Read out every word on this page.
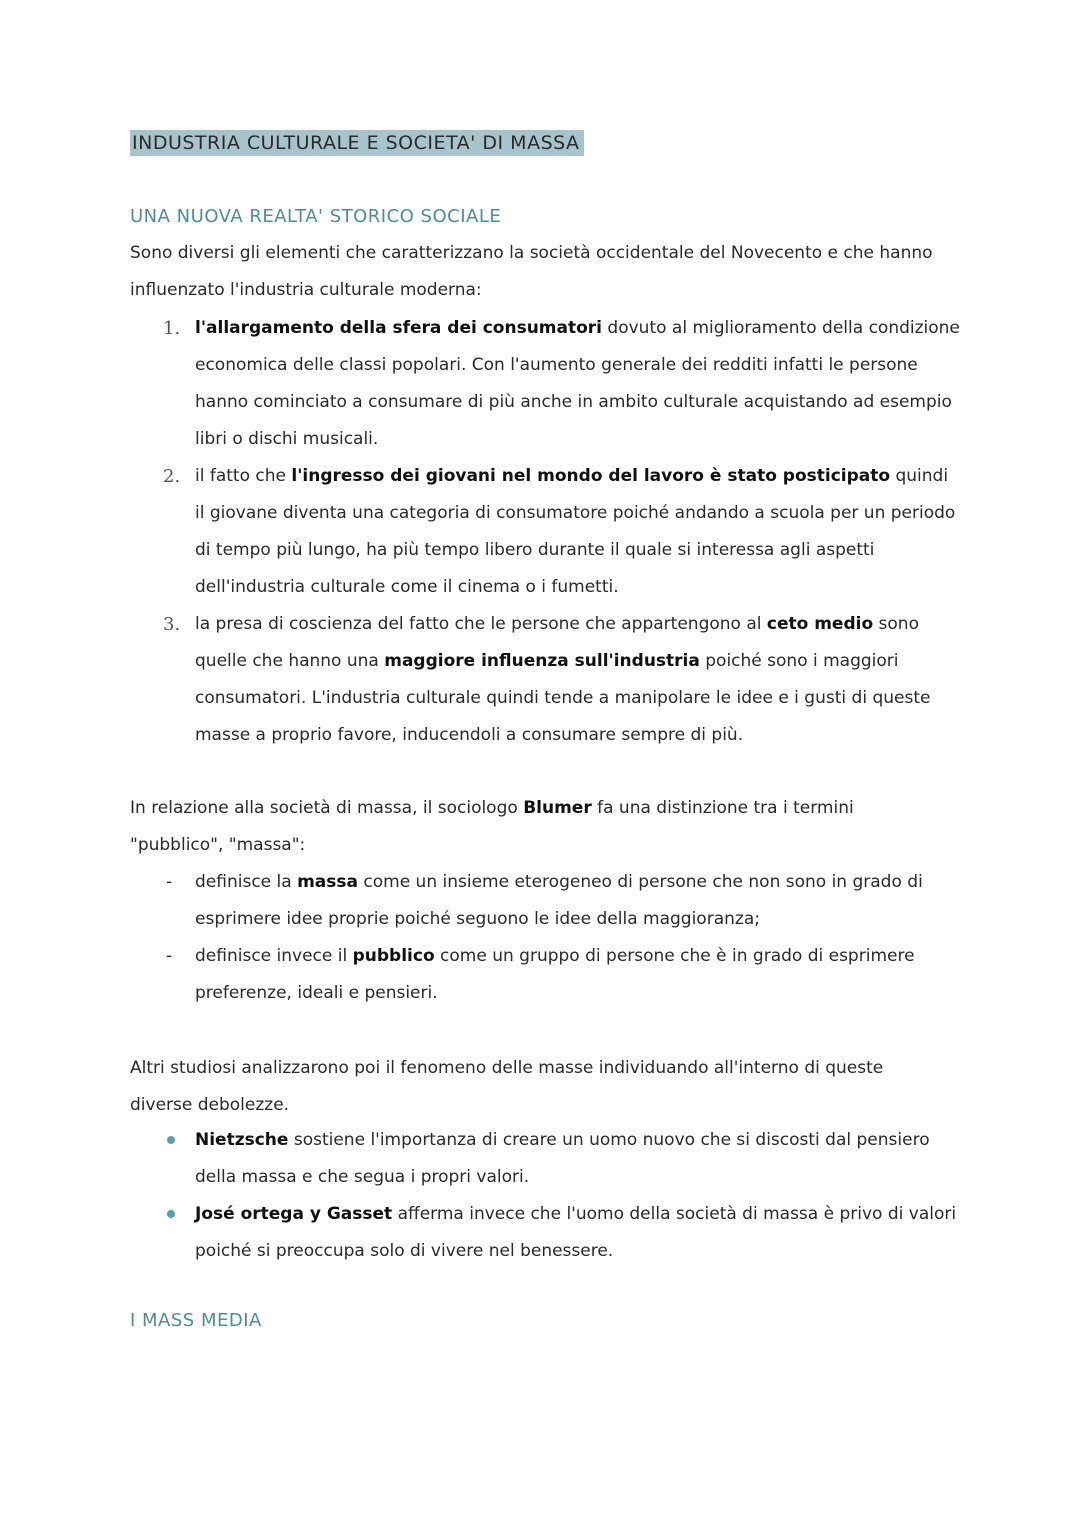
INDUSTRIA CULTURALE E SOCIETA' DI MASSA
UNA NUOVA REALTA' STORICO SOCIALE
Sono diversi gli elementi che caratterizzano la società occidentale del Novecento e che hanno influenzato l'industria culturale moderna:
1. l'allargamento della sfera dei consumatori dovuto al miglioramento della condizione economica delle classi popolari. Con l'aumento generale dei redditi infatti le persone hanno cominciato a consumare di più anche in ambito culturale acquistando ad esempio libri o dischi musicali.
2. il fatto che l'ingresso dei giovani nel mondo del lavoro è stato posticipato quindi il giovane diventa una categoria di consumatore poiché andando a scuola per un periodo di tempo più lungo, ha più tempo libero durante il quale si interessa agli aspetti dell'industria culturale come il cinema o i fumetti.
3. la presa di coscienza del fatto che le persone che appartengono al ceto medio sono quelle che hanno una maggiore influenza sull'industria poiché sono i maggiori consumatori. L'industria culturale quindi tende a manipolare le idee e i gusti di queste masse a proprio favore, inducendoli a consumare sempre di più.
In relazione alla società di massa, il sociologo Blumer fa una distinzione tra i termini "pubblico", "massa":
- definisce la massa come un insieme eterogeneo di persone che non sono in grado di esprimere idee proprie poiché seguono le idee della maggioranza;
- definisce invece il pubblico come un gruppo di persone che è in grado di esprimere preferenze, ideali e pensieri.
Altri studiosi analizzarono poi il fenomeno delle masse individuando all'interno di queste diverse debolezze.
Nietzsche sostiene l'importanza di creare un uomo nuovo che si discosti dal pensiero della massa e che segua i propri valori.
José ortega y Gasset afferma invece che l'uomo della società di massa è privo di valori poiché si preoccupa solo di vivere nel benessere.
I MASS MEDIA
